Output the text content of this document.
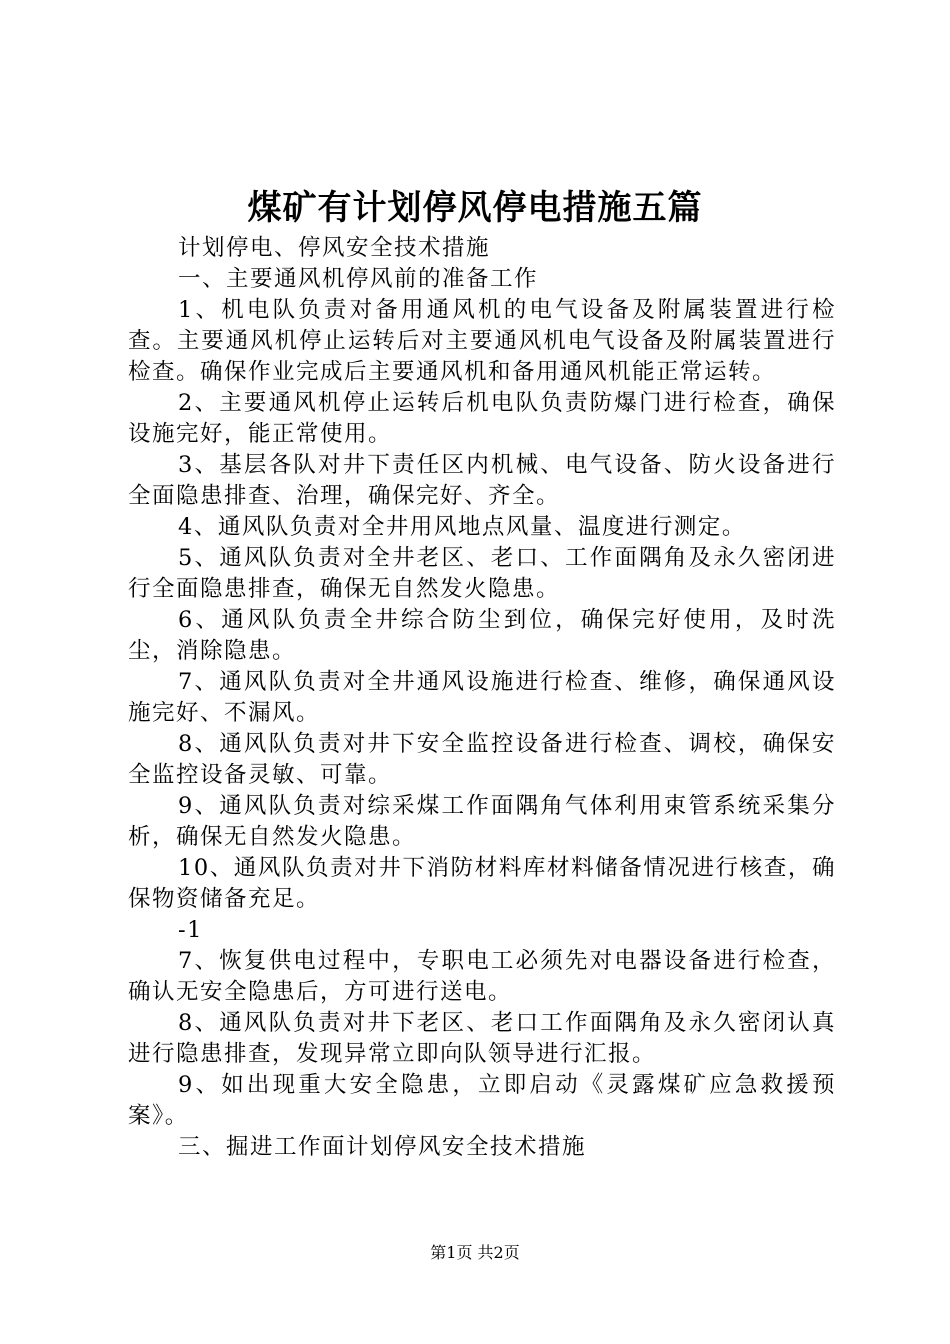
煤矿有计划停风停电措施五篇

计划停电、停风安全技术措施

一、主要通风机停风前的准备工作

1、机电队负责对备用通风机的电气设备及附属装置进行检查。主要通风机停止运转后对主要通风机电气设备及附属装置进行检查。确保作业完成后主要通风机和备用通风机能正常运转。

2、主要通风机停止运转后机电队负责防爆门进行检查，确保设施完好，能正常使用。

3、基层各队对井下责任区内机械、电气设备、防火设备进行全面隐患排查、治理，确保完好、齐全。

4、通风队负责对全井用风地点风量、温度进行测定。

5、通风队负责对全井老区、老口、工作面隅角及永久密闭进行全面隐患排查，确保无自然发火隐患。

6、通风队负责全井综合防尘到位，确保完好使用，及时洗尘，消除隐患。

7、通风队负责对全井通风设施进行检查、维修，确保通风设施完好、不漏风。

8、通风队负责对井下安全监控设备进行检查、调校，确保安全监控设备灵敏、可靠。

9、通风队负责对综采煤工作面隅角气体利用束管系统采集分析，确保无自然发火隐患。

10、通风队负责对井下消防材料库材料储备情况进行核查，确保物资储备充足。

-1

7、恢复供电过程中，专职电工必须先对电器设备进行检查，确认无安全隐患后，方可进行送电。

8、通风队负责对井下老区、老口工作面隅角及永久密闭认真进行隐患排查，发现异常立即向队领导进行汇报。

9、如出现重大安全隐患，立即启动《灵露煤矿应急救援预案》。

三、掘进工作面计划停风安全技术措施

第1页 共2页
